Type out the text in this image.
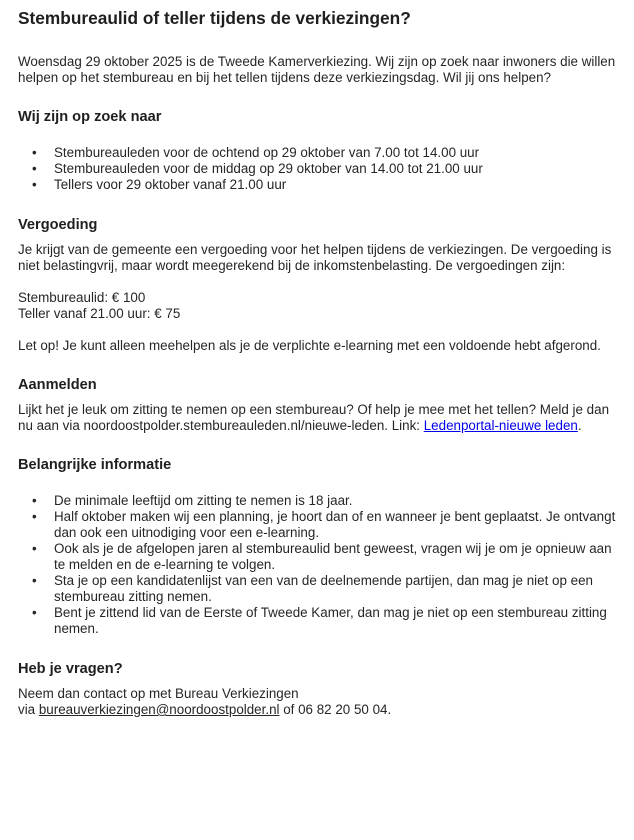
Stembureaulid of teller tijdens de verkiezingen?

Woensdag 29 oktober 2025 is de Tweede Kamerverkiezing. Wij zijn op zoek naar inwoners die willen helpen op het stembureau en bij het tellen tijdens deze verkiezingsdag. Wil jij ons helpen?

Wij zijn op zoek naar
• Stembureauleden voor de ochtend op 29 oktober van 7.00 tot 14.00 uur
• Stembureauleden voor de middag op 29 oktober van 14.00 tot 21.00 uur
• Tellers voor 29 oktober vanaf 21.00 uur
Vergoeding

Je krijgt van de gemeente een vergoeding voor het helpen tijdens de verkiezingen. De vergoeding is niet belastingvrij, maar wordt meegerekend bij de inkomstenbelasting. De vergoedingen zijn:

Stembureaulid: € 100

Teller vanaf 21.00 uur: € 75

Let op! Je kunt alleen meehelpen als je de verplichte e-learning met een voldoende hebt afgerond.

Aanmelden

Lijkt het je leuk om zitting te nemen op een stembureau? Of help je mee met het tellen? Meld je dan nu aan via noordoostpolder.stembureauleden.nl/nieuwe-leden. Link: Ledenportal-nieuwe leden.

Belangrijke informatie
• De minimale leeftijd om zitting te nemen is 18 jaar.
• Half oktober maken wij een planning, je hoort dan of en wanneer je bent geplaatst. Je ontvangt dan ook een uitnodiging voor een e-learning.
• Ook als je de afgelopen jaren al stembureaulid bent geweest, vragen wij je om je opnieuw aan te melden en de e-learning te volgen.
• Sta je op een kandidatenlijst van een van de deelnemende partijen, dan mag je niet op een stembureau zitting nemen.
• Bent je zittend lid van de Eerste of Tweede Kamer, dan mag je niet op een stembureau zitting nemen.
Heb je vragen?

Neem dan contact op met Bureau Verkiezingen

via bureauverkiezingen@noordoostpolder.nl of 06 82 20 50 04.
